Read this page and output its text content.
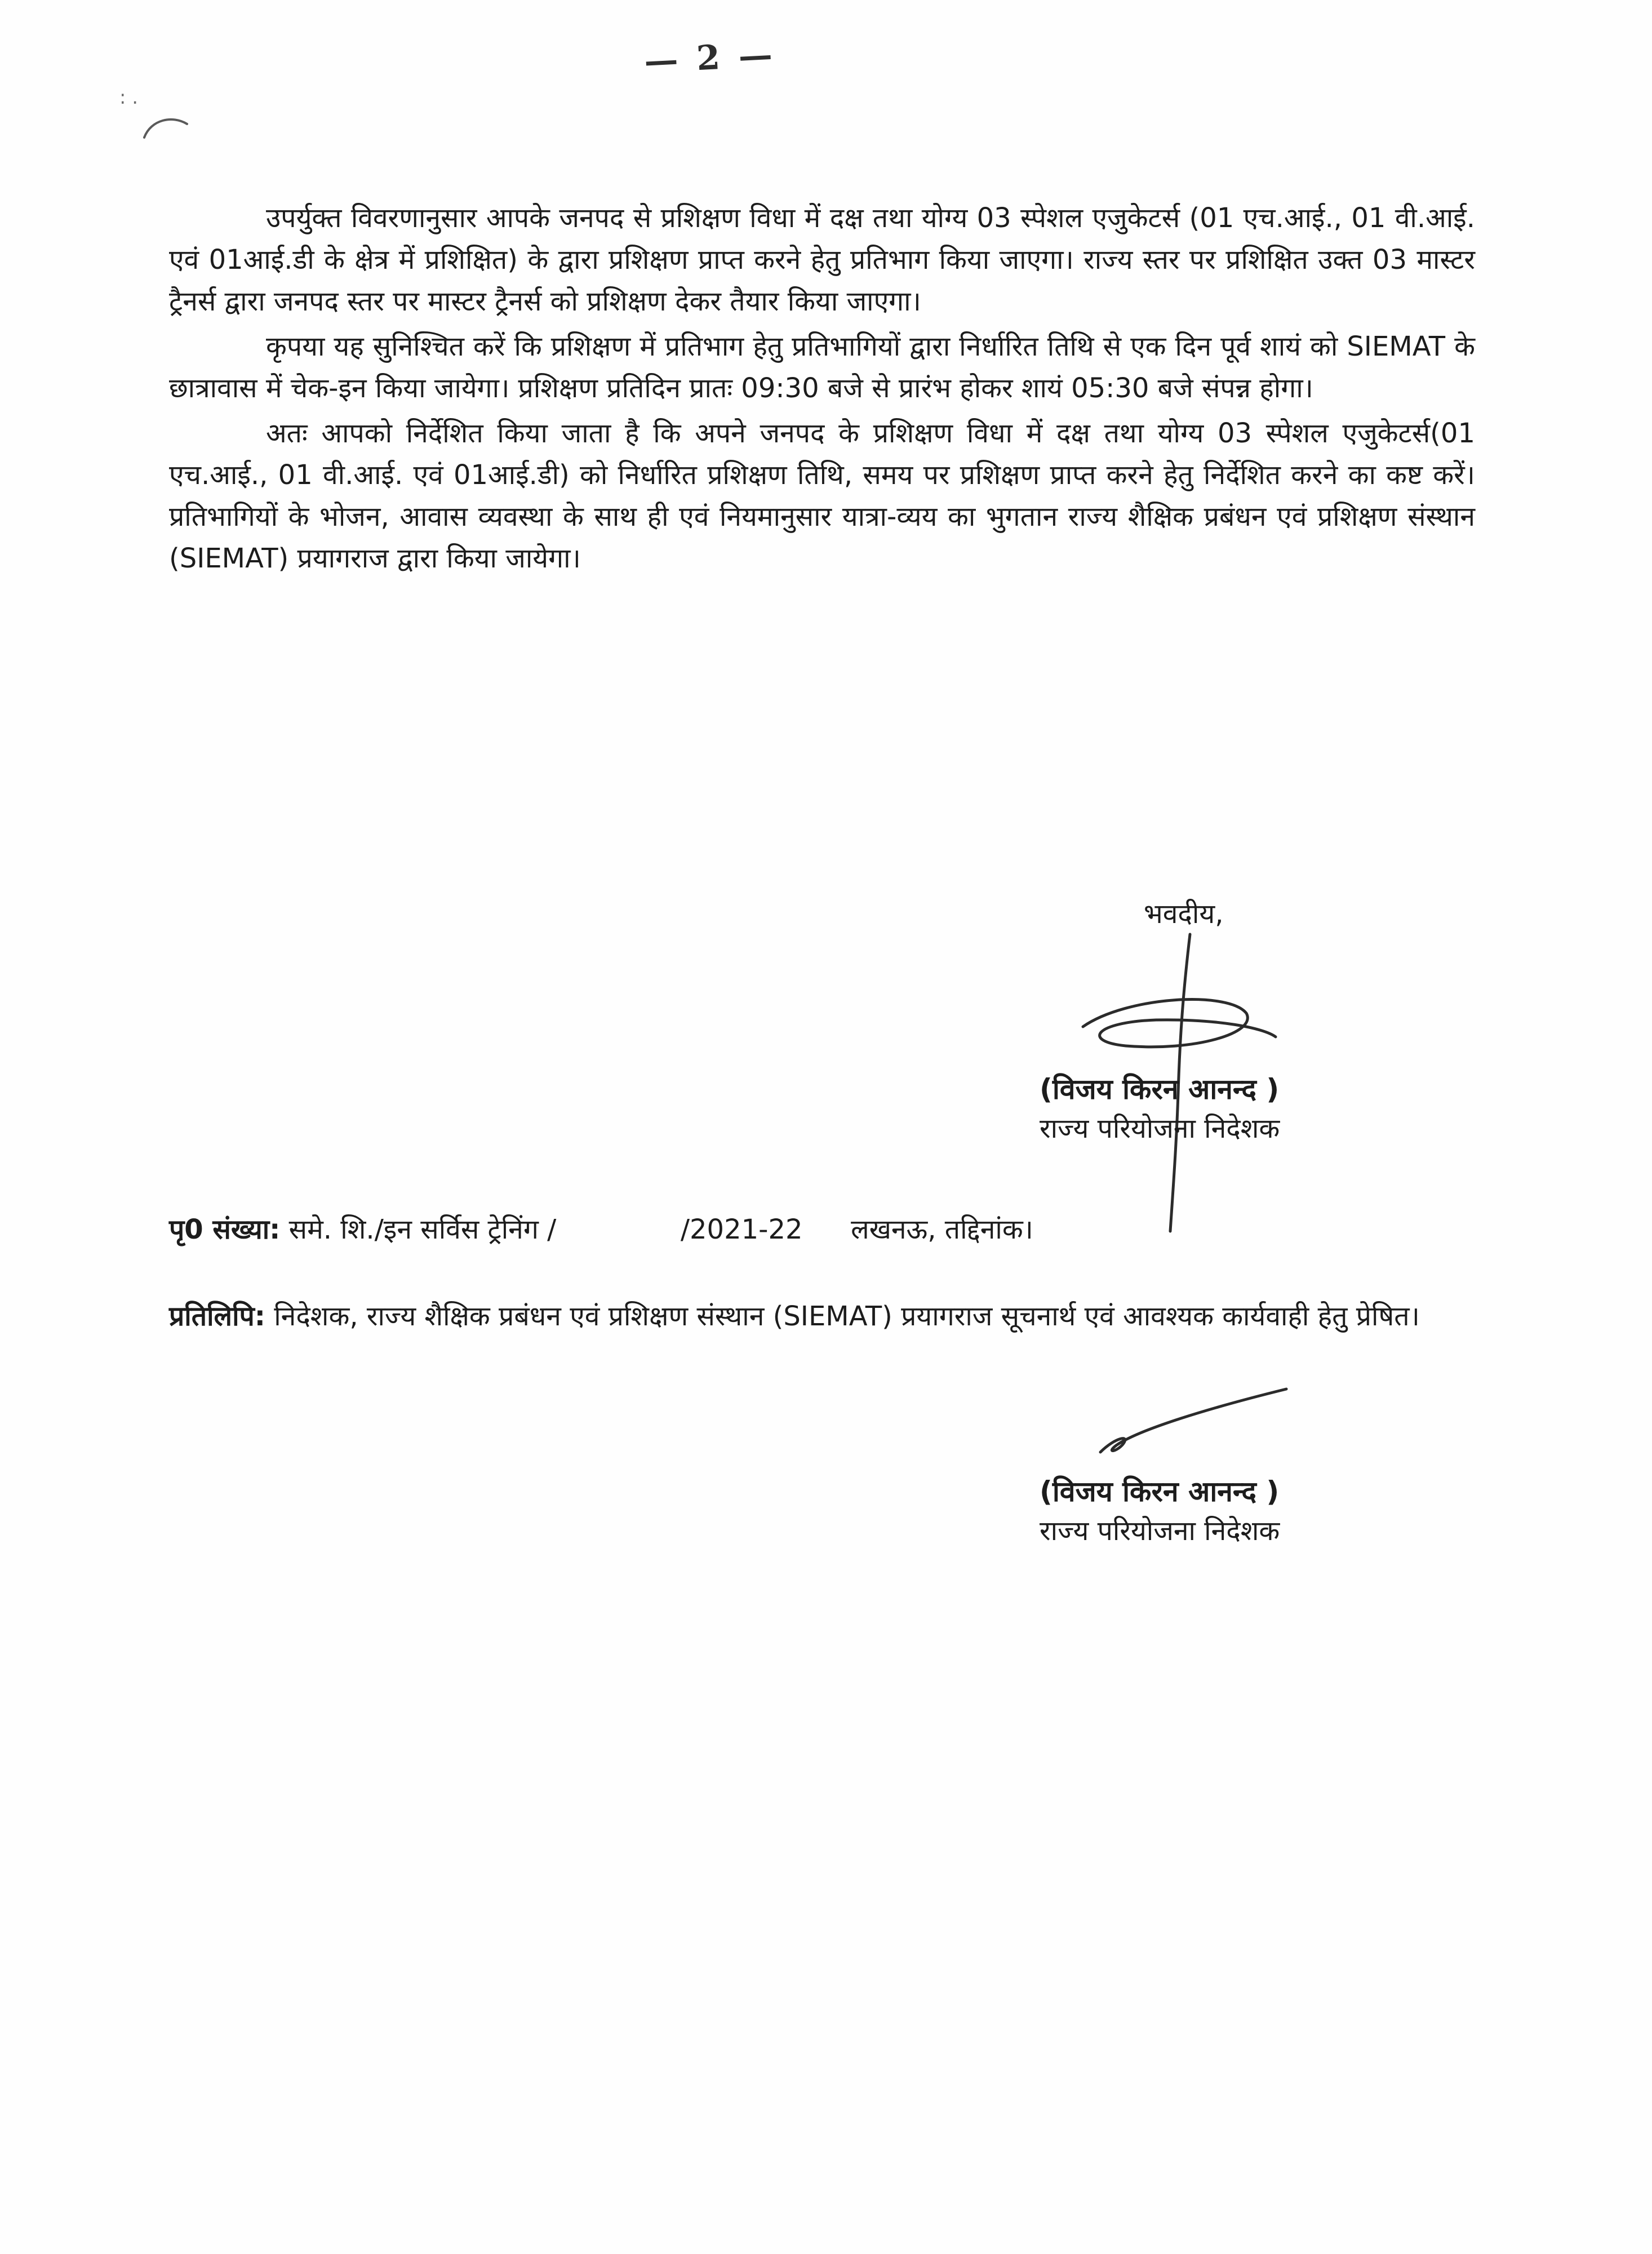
— 2 —
: .

उपर्युक्त विवरणानुसार आपके जनपद से प्रशिक्षण विधा में दक्ष तथा योग्य 03 स्पेशल एजुकेटर्स (01 एच.आई., 01 वी.आई. एवं 01आई.डी के क्षेत्र में प्रशिक्षित) के द्वारा प्रशिक्षण प्राप्त करने हेतु प्रतिभाग किया जाएगा। राज्य स्तर पर प्रशिक्षित उक्त 03 मास्टर ट्रैनर्स द्वारा जनपद स्तर पर मास्टर ट्रैनर्स को प्रशिक्षण देकर तैयार किया जाएगा।

कृपया यह सुनिश्चित करें कि प्रशिक्षण में प्रतिभाग हेतु प्रतिभागियों द्वारा निर्धारित तिथि से एक दिन पूर्व शायं को SIEMAT के छात्रावास में चेक-इन किया जायेगा। प्रशिक्षण प्रतिदिन प्रातः 09:30 बजे से प्रारंभ होकर शायं 05:30 बजे संपन्न होगा।

अतः आपको निर्देशित किया जाता है कि अपने जनपद के प्रशिक्षण विधा में दक्ष तथा योग्य 03 स्पेशल एजुकेटर्स(01 एच.आई., 01 वी.आई. एवं 01आई.डी) को निर्धारित प्रशिक्षण तिथि, समय पर प्रशिक्षण प्राप्त करने हेतु निर्देशित करने का कष्ट करें।प्रतिभागियों के भोजन, आवास व्यवस्था के साथ ही एवं नियमानुसार यात्रा-व्यय का भुगतान राज्य शैक्षिक प्रबंधन एवं प्रशिक्षण संस्थान (SIEMAT) प्रयागराज द्वारा किया जायेगा।

भवदीय,
(विजय किरन आनन्द )
राज्य परियोजना निदेशक

पृ0 संख्या: समे. शि./इन सर्विस ट्रेनिंग /	/2021-22 लखनऊ, तद्दिनांक।

प्रतिलिपि: निदेशक, राज्य शैक्षिक प्रबंधन एवं प्रशिक्षण संस्थान (SIEMAT) प्रयागराज सूचनार्थ एवं आवश्यक कार्यवाही हेतु प्रेषित।

(विजय किरन आनन्द )
राज्य परियोजना निदेशक
